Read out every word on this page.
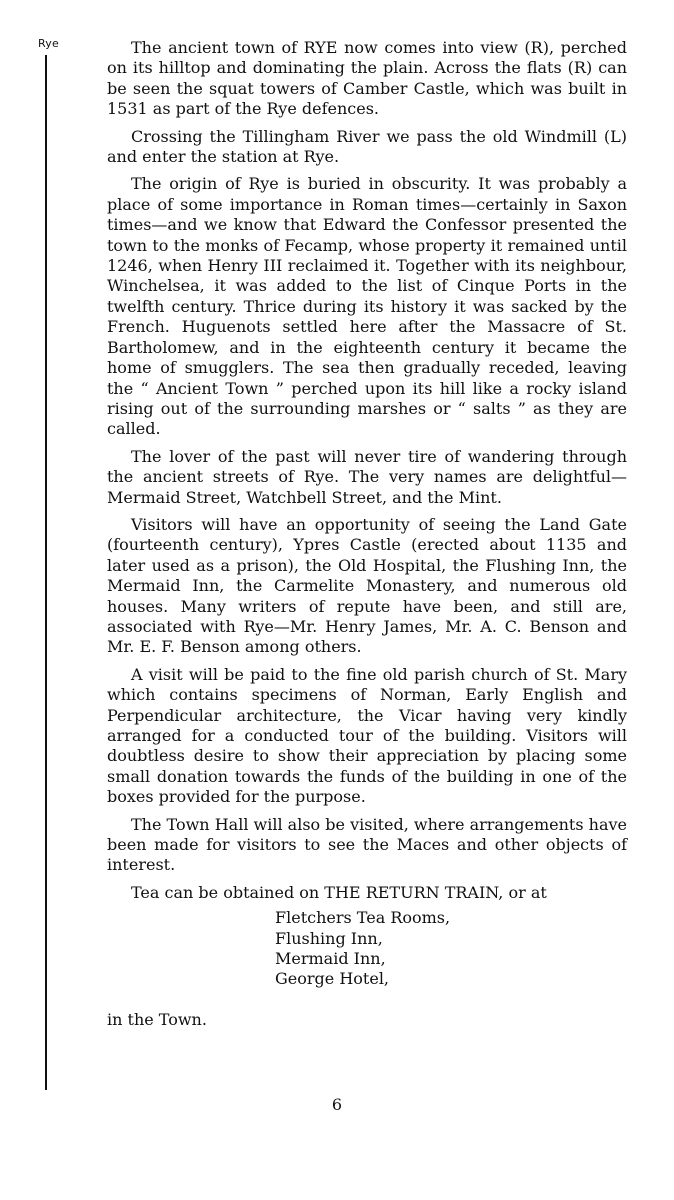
Rye	The ancient town of RYE now comes into view (R), perched on its hilltop and dominating the plain. Across the flats (R) can be seen the squat towers of Camber Castle, which was built in 1531 as part of the Rye defences.

Crossing the Tillingham River we pass the old Windmill (L) and enter the station at Rye.

The origin of Rye is buried in obscurity. It was probably a place of some importance in Roman times—certainly in Saxon times—and we know that Edward the Confessor presented the town to the monks of Fecamp, whose property it remained until 1246, when Henry III reclaimed it. Together with its neighbour, Winchelsea, it was added to the list of Cinque Ports in the twelfth century. Thrice during its history it was sacked by the French. Huguenots settled here after the Massacre of St. Bartholomew, and in the eighteenth century it became the home of smugglers. The sea then gradually receded, leaving the “ Ancient Town ” perched upon its hill like a rocky island rising out of the surrounding marshes or “ salts ” as they are called.

The lover of the past will never tire of wandering through the ancient streets of Rye. The very names are delightful—Mermaid Street, Watchbell Street, and the Mint.

Visitors will have an opportunity of seeing the Land Gate (fourteenth century), Ypres Castle (erected about 1135 and later used as a prison), the Old Hospital, the Flushing Inn, the Mermaid Inn, the Carmelite Monastery, and numerous old houses. Many writers of repute have been, and still are, associated with Rye—Mr. Henry James, Mr. A. C. Benson and Mr. E. F. Benson among others.

A visit will be paid to the fine old parish church of St. Mary which contains specimens of Norman, Early English and Perpendicular architecture, the Vicar having very kindly arranged for a conducted tour of the building. Visitors will doubtless desire to show their appreciation by placing some small donation towards the funds of the building in one of the boxes provided for the purpose.

The Town Hall will also be visited, where arrangements have been made for visitors to see the Maces and other objects of interest.

Tea can be obtained on THE RETURN TRAIN, or at

Fletchers Tea Rooms,
Flushing Inn,
Mermaid Inn,
George Hotel,

in the Town.

6
